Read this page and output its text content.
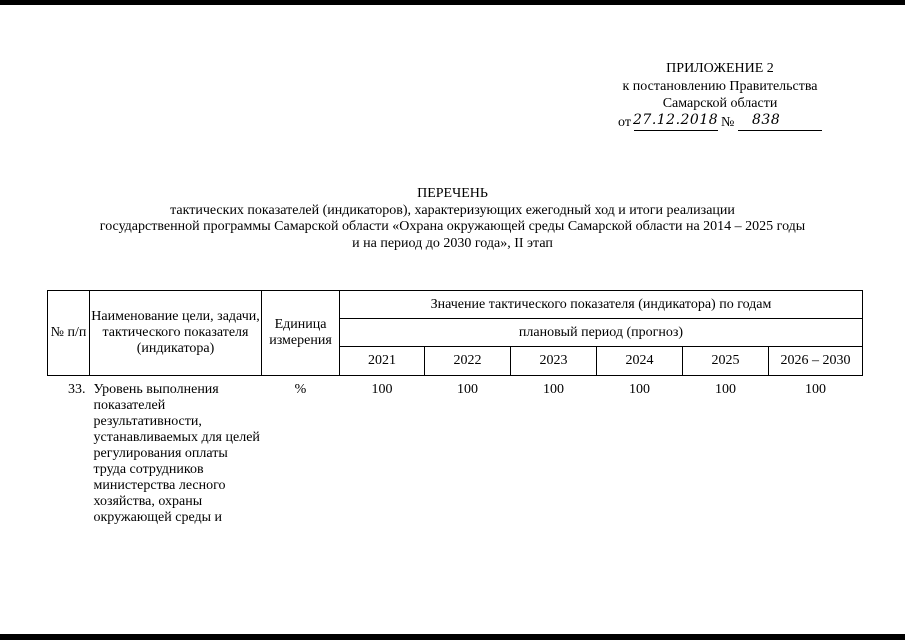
ПРИЛОЖЕНИЕ 2
к постановлению Правительства
Самарской области
от 27.12.2018 № 838
ПЕРЕЧЕНЬ
тактических показателей (индикаторов), характеризующих ежегодный ход и итоги реализации
государственной программы Самарской области «Охрана окружающей среды Самарской области на 2014 – 2025 годы
и на период до 2030 года», II этап
№ п/п	Наименование цели, задачи, тактического показателя (индикатора)	Единица измерения	Значение тактического показателя (индикатора) по годам					
			плановый период (прогноз)					
			2021	2022	2023	2024	2025	2026 – 2030
33.	Уровень выполнения показателей результативности, устанавливаемых для целей регулирования оплаты труда сотрудников министерства лесного хозяйства, охраны окружающей среды и	%	100	100	100	100	100	100
